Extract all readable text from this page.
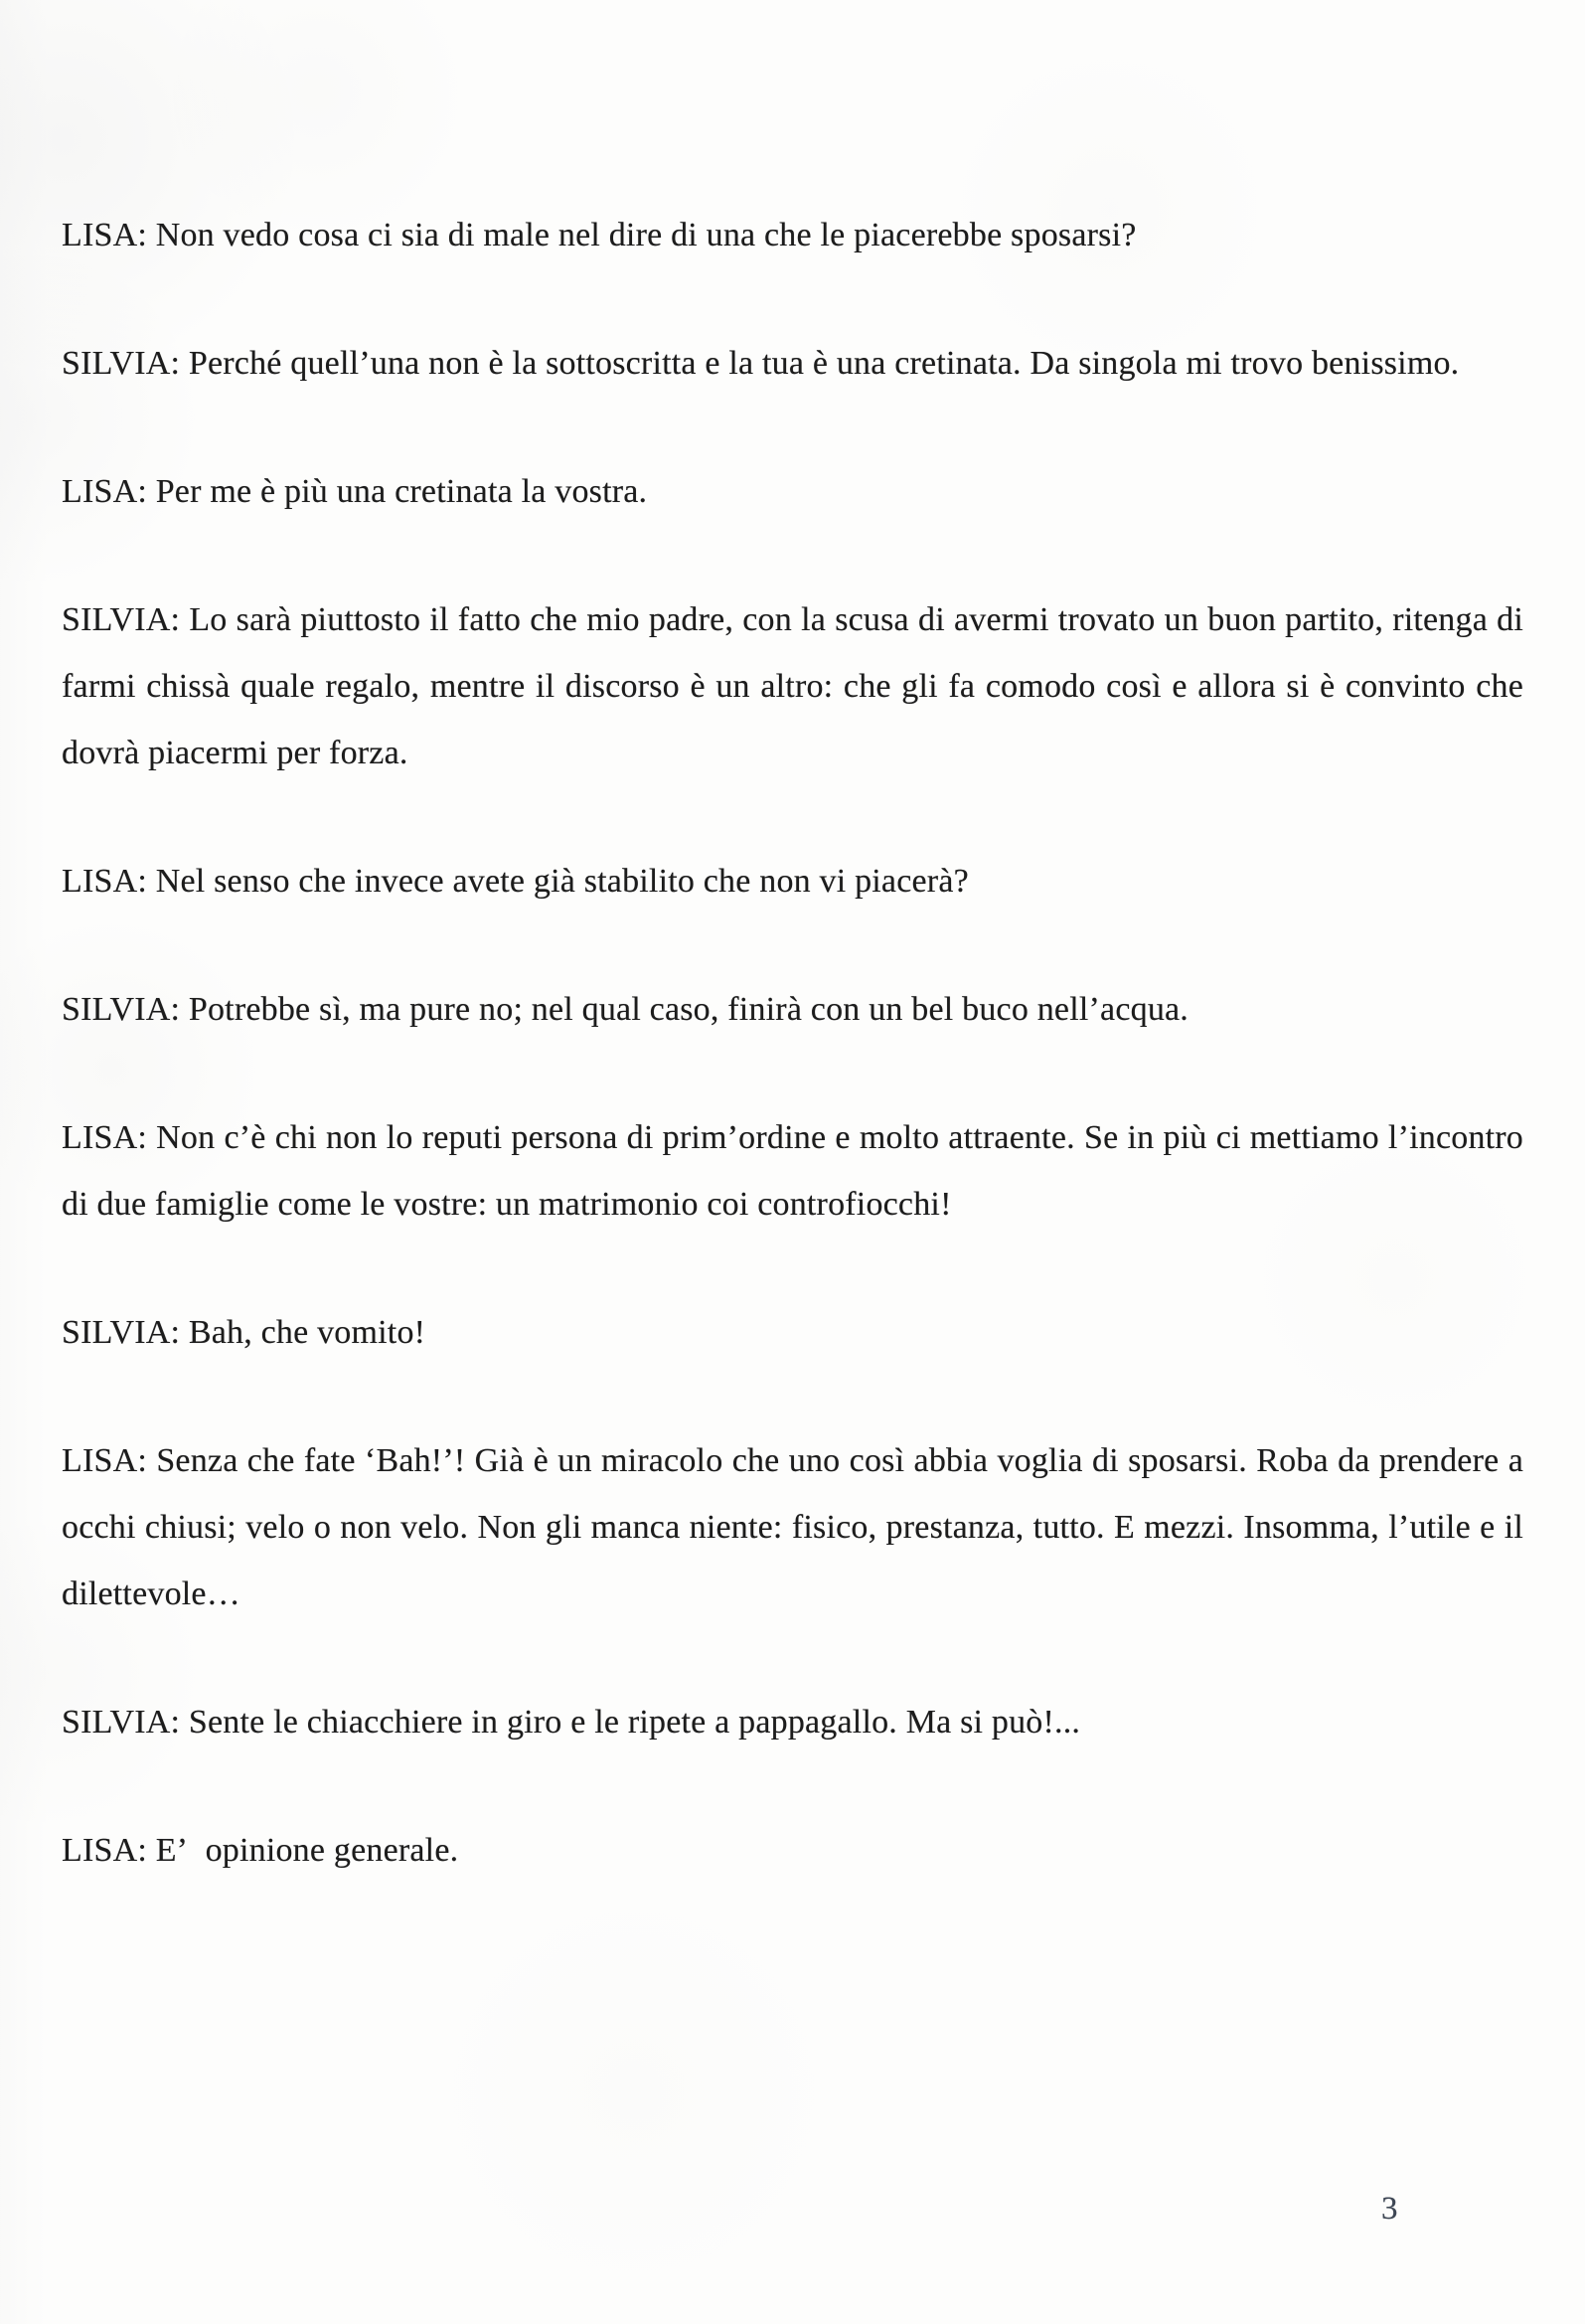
LISA: Non vedo cosa ci sia di male nel dire di una che le piacerebbe sposarsi?

SILVIA: Perché quell’una non è la sottoscritta e la tua è una cretinata. Da singola mi trovo benissimo.

LISA: Per me è più una cretinata la vostra.

SILVIA: Lo sarà piuttosto il fatto che mio padre, con la scusa di avermi trovato un buon partito, ritenga di farmi chissà quale regalo, mentre il discorso è un altro: che gli fa comodo così e allora si è convinto che dovrà piacermi per forza.

LISA: Nel senso che invece avete già stabilito che non vi piacerà?

SILVIA: Potrebbe sì, ma pure no; nel qual caso, finirà con un bel buco nell’acqua.

LISA: Non c’è chi non lo reputi persona di prim’ordine e molto attraente. Se in più ci mettiamo l’incontro di due famiglie come le vostre: un matrimonio coi controfiocchi!

SILVIA: Bah, che vomito!

LISA: Senza che fate ‘Bah!’! Già è un miracolo che uno così abbia voglia di sposarsi. Roba da prendere a occhi chiusi; velo o non velo. Non gli manca niente: fisico, prestanza, tutto. E mezzi. Insomma, l’utile e il dilettevole…

SILVIA: Sente le chiacchiere in giro e le ripete a pappagallo. Ma si può!...

LISA: E’  opinione generale.

3
